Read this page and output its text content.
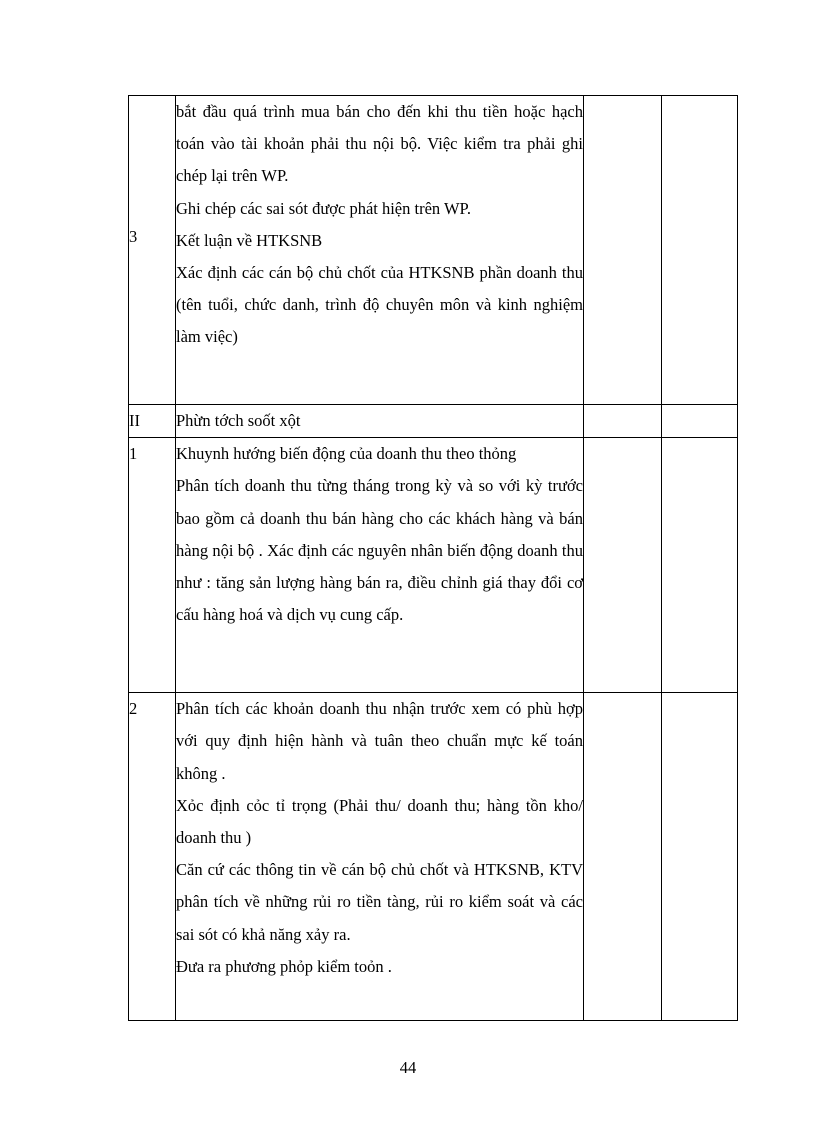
3	bắt đầu quá trình mua bán cho đến khi thu tiền hoặc hạch toán vào tài khoản phải thu nội bộ. Việc kiểm tra phải ghi chép lại trên WP.
Ghi chép các sai sót được phát hiện trên WP.
Kết luận về HTKSNB
Xác định các cán bộ chủ chốt của HTKSNB phần doanh thu (tên tuổi, chức danh, trình độ chuyên môn và kinh nghiệm làm việc)		

II	Phừn tớch soốt xột		

1	Khuynh hướng biến động của doanh thu theo thỏng
Phân tích doanh thu từng tháng trong kỳ và so với kỳ trước bao gồm cả doanh thu bán hàng cho các khách hàng và bán hàng nội bộ . Xác định các nguyên nhân biến động doanh thu như : tăng sản lượng hàng bán ra, điều chỉnh giá thay đổi cơ cấu hàng hoá và dịch vụ cung cấp.		

2	Phân tích các khoản doanh thu nhận trước xem có phù hợp với quy định hiện hành và tuân theo chuẩn mực kế toán không .
Xỏc định cỏc tỉ trọng (Phải thu/ doanh thu; hàng tồn kho/ doanh thu )
Căn cứ các thông tin về cán bộ chủ chốt và HTKSNB, KTV phân tích về những rủi ro tiền tàng, rủi ro kiểm soát và các sai sót có khả năng xảy ra.
Đưa ra phương phỏp kiểm toỏn .		

44
